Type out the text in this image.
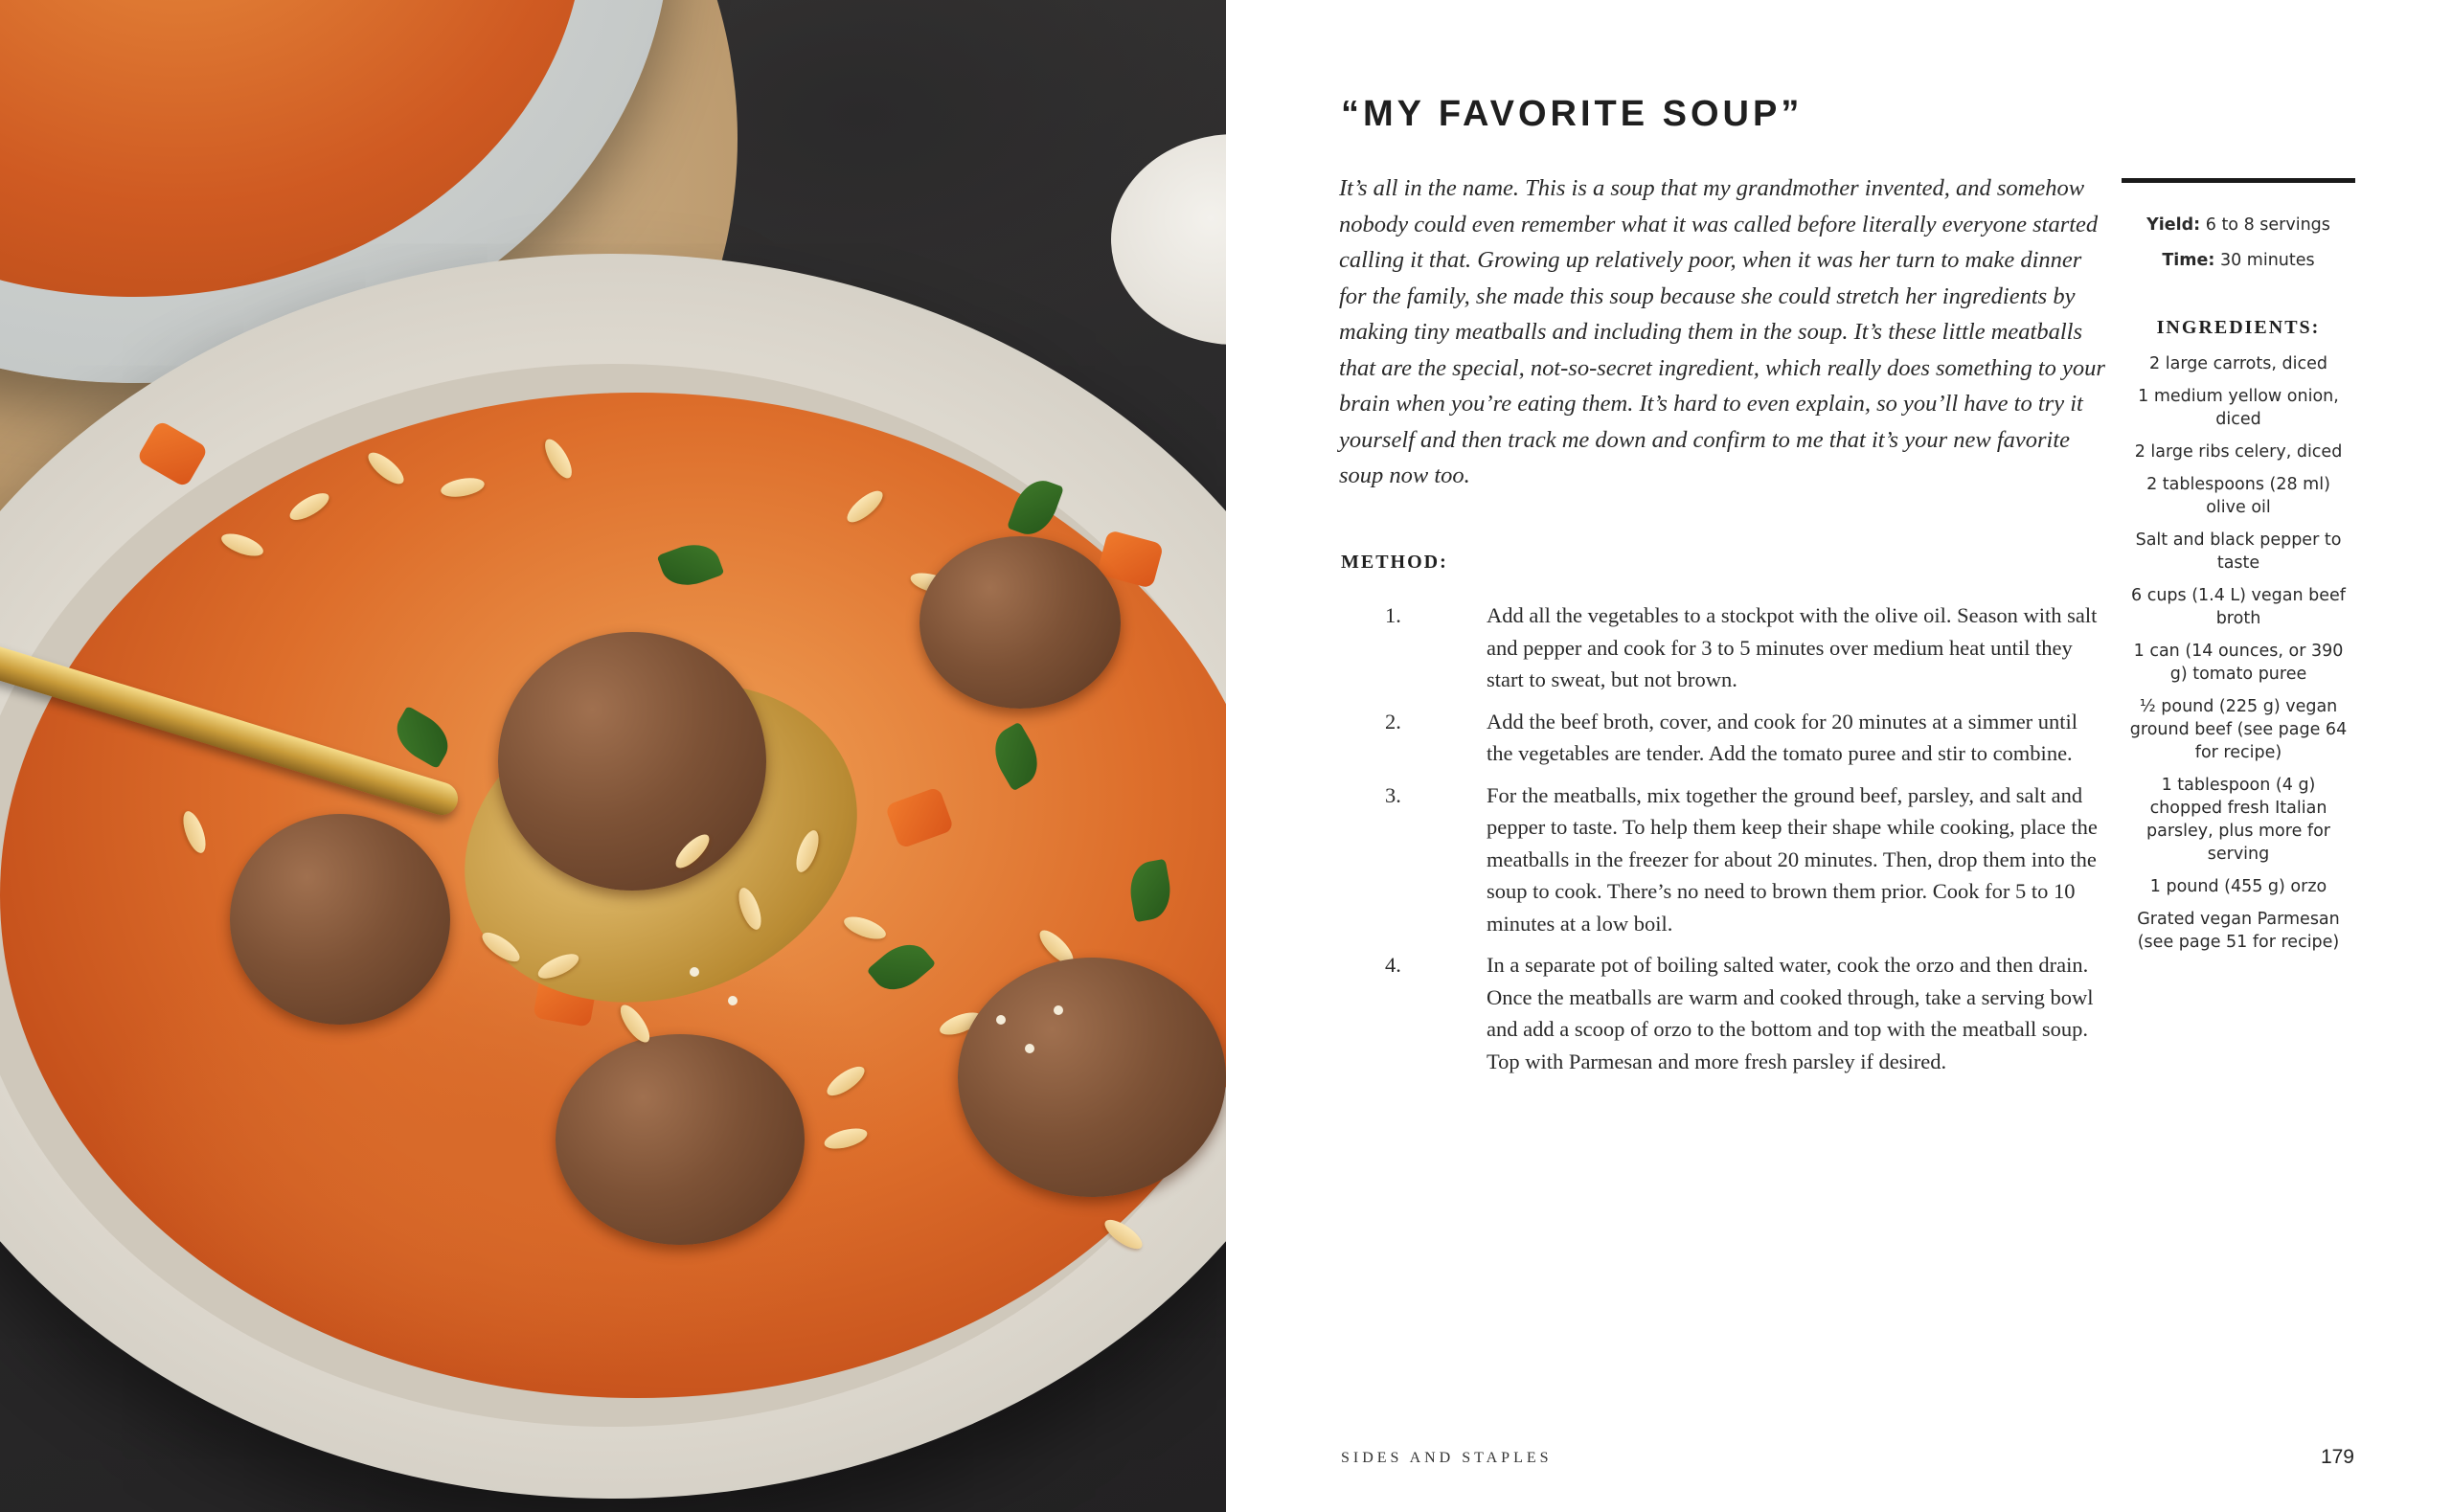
“MY FAVORITE SOUP”

It’s all in the name. This is a soup that my grandmother invented, and somehow nobody could even remember what it was called before literally everyone started calling it that. Growing up relatively poor, when it was her turn to make dinner for the family, she made this soup because she could stretch her ingredients by making tiny meatballs and including them in the soup. It’s these little meatballs that are the special, not-so-secret ingredient, which really does something to your brain when you’re eating them. It’s hard to even explain, so you’ll have to try it yourself and then track me down and confirm to me that it’s your new favorite soup now too.

METHOD:
1.	Add all the vegetables to a stockpot with the olive oil. Season with salt and pepper and cook for 3 to 5 minutes over medium heat until they start to sweat, but not brown.
2.	Add the beef broth, cover, and cook for 20 minutes at a simmer until the vegetables are tender. Add the tomato puree and stir to combine.
3.	For the meatballs, mix together the ground beef, parsley, and salt and pepper to taste. To help them keep their shape while cooking, place the meatballs in the freezer for about 20 minutes. Then, drop them into the soup to cook. There’s no need to brown them prior. Cook for 5 to 10 minutes at a low boil.
4.	In a separate pot of boiling salted water, cook the orzo and then drain. Once the meatballs are warm and cooked through, take a serving bowl and add a scoop of orzo to the bottom and top with the meatball soup. Top with Parmesan and more fresh parsley if desired.
Yield: 6 to 8 servings
Time: 30 minutes
INGREDIENTS:
2 large carrots, diced
1 medium yellow onion, diced
2 large ribs celery, diced
2 tablespoons (28 ml) olive oil
Salt and black pepper to taste
6 cups (1.4 L) vegan beef broth
1 can (14 ounces, or 390 g) tomato puree
½ pound (225 g) vegan ground beef (see page 64 for recipe)
1 tablespoon (4 g) chopped fresh Italian parsley, plus more for serving
1 pound (455 g) orzo
Grated vegan Parmesan (see page 51 for recipe)
SIDES AND STAPLES	179
